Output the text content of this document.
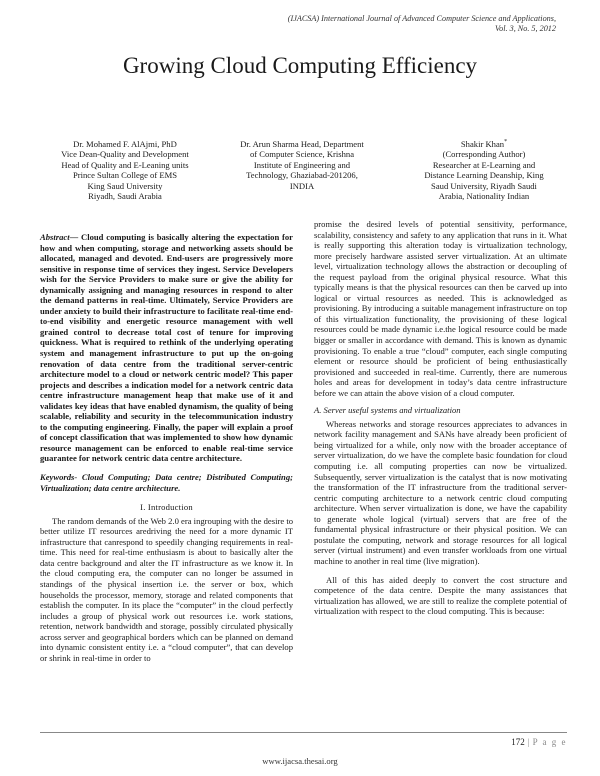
(IJACSA) International Journal of Advanced Computer Science and Applications,
Vol. 3, No. 5, 2012
Growing Cloud Computing Efficiency
Dr. Mohamed F. AlAjmi, PhD
Vice Dean-Quality and Development
Head of Quality and E-Leaning units
Prince Sultan College of EMS
King Saud University
Riyadh, Saudi Arabia
Dr. Arun Sharma Head, Department
of Computer Science, Krishna
Institute of Engineering and
Technology, Ghaziabad-201206,
INDIA
Shakir Khan*
(Corresponding Author)
Researcher at E-Learning and
Distance Learning Deanship, King
Saud University, Riyadh Saudi
Arabia, Nationality Indian

Abstract— Cloud computing is basically altering the expectation for how and when computing, storage and networking assets should be allocated, managed and devoted. End-users are progressively more sensitive in response time of services they ingest. Service Developers wish for the Service Providers to make sure or give the ability for dynamically assigning and managing resources in respond to alter the demand patterns in real-time. Ultimately, Service Providers are under anxiety to build their infrastructure to facilitate real-time end-to-end visibility and energetic resource management with well grained control to decrease total cost of tenure for improving quickness. What is required to rethink of the underlying operating system and management infrastructure to put up the on-going renovation of data centre from the traditional server-centric architecture model to a cloud or network centric model? This paper projects and describes a indication model for a network centric data centre infrastructure management heap that make use of it and validates key ideas that have enabled dynamism, the quality of being scalable, reliability and security in the telecommunication industry to the computing engineering. Finally, the paper will explain a proof of concept classification that was implemented to show how dynamic resource management can be enforced to enable real-time service guarantee for network centric data centre architecture.

Keywords- Cloud Computing; Data centre; Distributed Computing; Virtualization; data centre architecture.

I. Introduction

The random demands of the Web 2.0 era ingrouping with the desire to better utilize IT resources aredriving the need for a more dynamic IT infrastructure that canrespond to speedily changing requirements in real-time. This need for real-time enthusiasm is about to basically alter the data centre background and alter the IT infrastructure as we know it. In the cloud computing era, the computer can no longer be assumed in standings of the physical insertion i.e. the server or box, which households the processor, memory, storage and related components that establish the computer. In its place the “computer” in the cloud perfectly includes a group of physical work out resources i.e. work stations, retention, network bandwidth and storage, possibly circulated physically across server and geographical borders which can be planned on demand into dynamic consistent entity i.e. a “cloud computer”, that can develop or shrink in real-time in order to

promise the desired levels of potential sensitivity, performance, scalability, consistency and safety to any application that runs in it. What is really supporting this alteration today is virtualization technology, more precisely hardware assisted server virtualization. At an ultimate level, virtualization technology allows the abstraction or decoupling of the request payload from the original physical resource. What this typically means is that the physical resources can then be carved up into logical or virtual resources as needed. This is acknowledged as provisioning. By introducing a suitable management infrastructure on top of this virtualization functionality, the provisioning of these logical resources could be made dynamic i.e.the logical resource could be made bigger or smaller in accordance with demand. This is known as dynamic provisioning. To enable a true “cloud” computer, each single computing element or resource should be proficient of being enthusiastically provisioned and succeeded in real-time. Currently, there are numerous holes and areas for development in today’s data centre infrastructure before we can attain the above vision of a cloud computer.

A. Server useful systems and virtualization

Whereas networks and storage resources appreciates to advances in network facility management and SANs have already been proficient of being virtualized for a while, only now with the broader acceptance of server virtualization, do we have the complete basic foundation for cloud computing i.e. all computing properties can now be virtualized. Subsequently, server virtualization is the catalyst that is now motivating the transformation of the IT infrastructure from the traditional server-centric computing architecture to a network centric cloud computing architecture. When server virtualization is done, we have the capability to generate whole logical (virtual) servers that are free of the fundamental physical infrastructure or their physical position. We can postulate the computing, network and storage resources for all logical server (virtual instrument) and even transfer workloads from one virtual machine to another in real time (live migration).

All of this has aided deeply to convert the cost structure and competence of the data centre. Despite the many assistances that virtualization has allowed, we are still to realize the complete potential of virtualization with respect to the cloud computing. This is because:

172 | P a g e
www.ijacsa.thesai.org
